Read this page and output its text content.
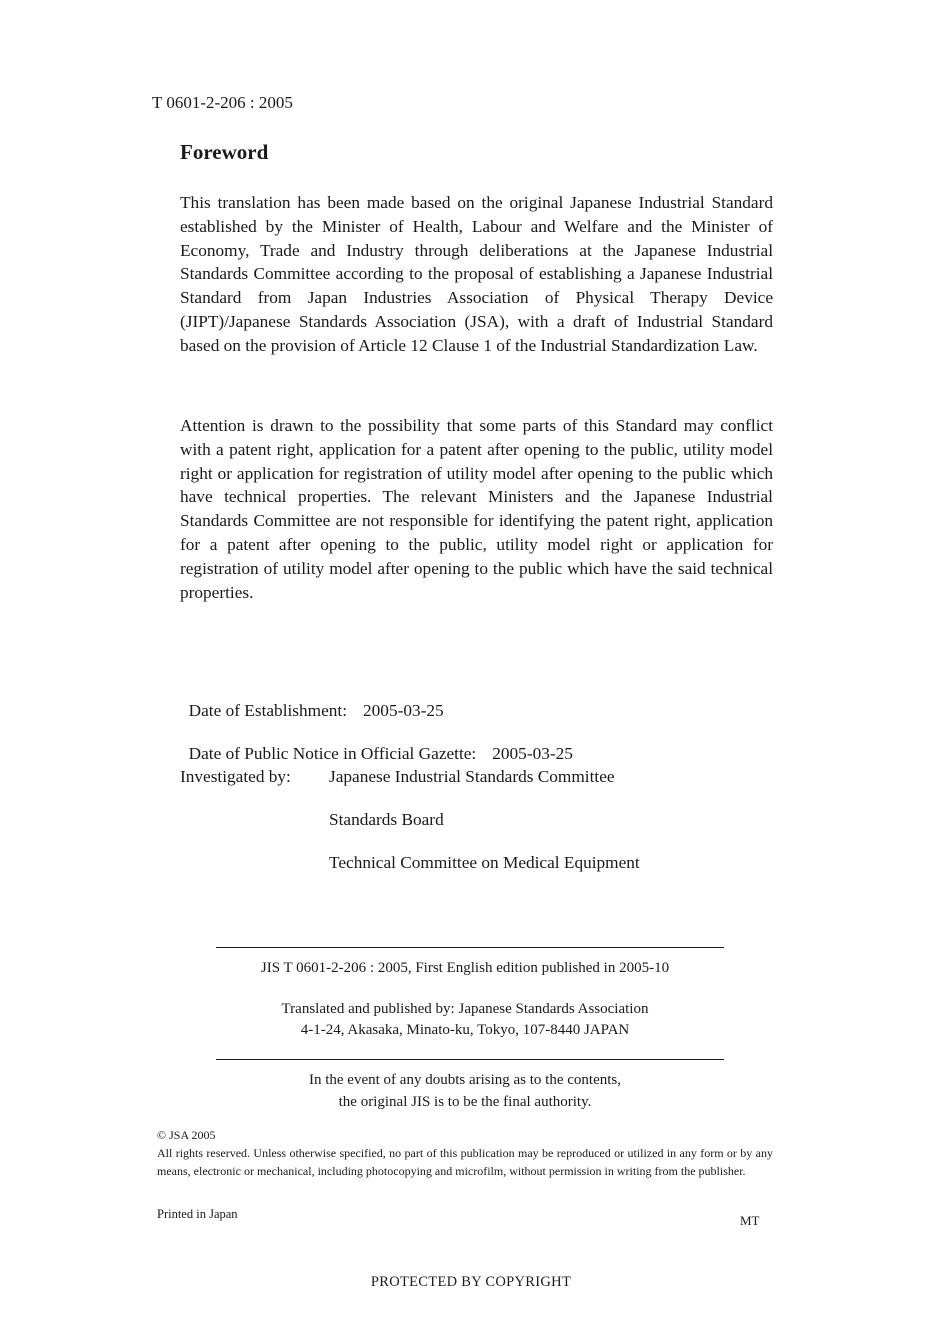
T 0601-2-206 : 2005
Foreword

This translation has been made based on the original Japanese Industrial Standard established by the Minister of Health, Labour and Welfare and the Minister of Economy, Trade and Industry through deliberations at the Japanese Industrial Standards Committee according to the proposal of establishing a Japanese Industrial Standard from Japan Industries Association of Physical Therapy Device (JIPT)/Japanese Standards Association (JSA), with a draft of Industrial Standard based on the provision of Article 12 Clause 1 of the Industrial Standardization Law.

Attention is drawn to the possibility that some parts of this Standard may conflict with a patent right, application for a patent after opening to the public, utility model right or application for registration of utility model after opening to the public which have technical properties. The relevant Ministers and the Japanese Industrial Standards Committee are not responsible for identifying the patent right, application for a patent after opening to the public, utility model right or application for registration of utility model after opening to the public which have the said technical properties.

Date of Establishment: 2005-03-25

Date of Public Notice in Official Gazette: 2005-03-25

Investigated by: Japanese Industrial Standards Committee
Standards Board
Technical Committee on Medical Equipment
JIS T 0601-2-206 : 2005, First English edition published in 2005-10
Translated and published by: Japanese Standards Association
4-1-24, Akasaka, Minato-ku, Tokyo, 107-8440 JAPAN
In the event of any doubts arising as to the contents,
the original JIS is to be the final authority.
© JSA 2005
All rights reserved. Unless otherwise specified, no part of this publication may be reproduced or utilized in any form or by any means, electronic or mechanical, including photocopying and microfilm, without permission in writing from the publisher.
Printed in Japan	MT
PROTECTED BY COPYRIGHT
